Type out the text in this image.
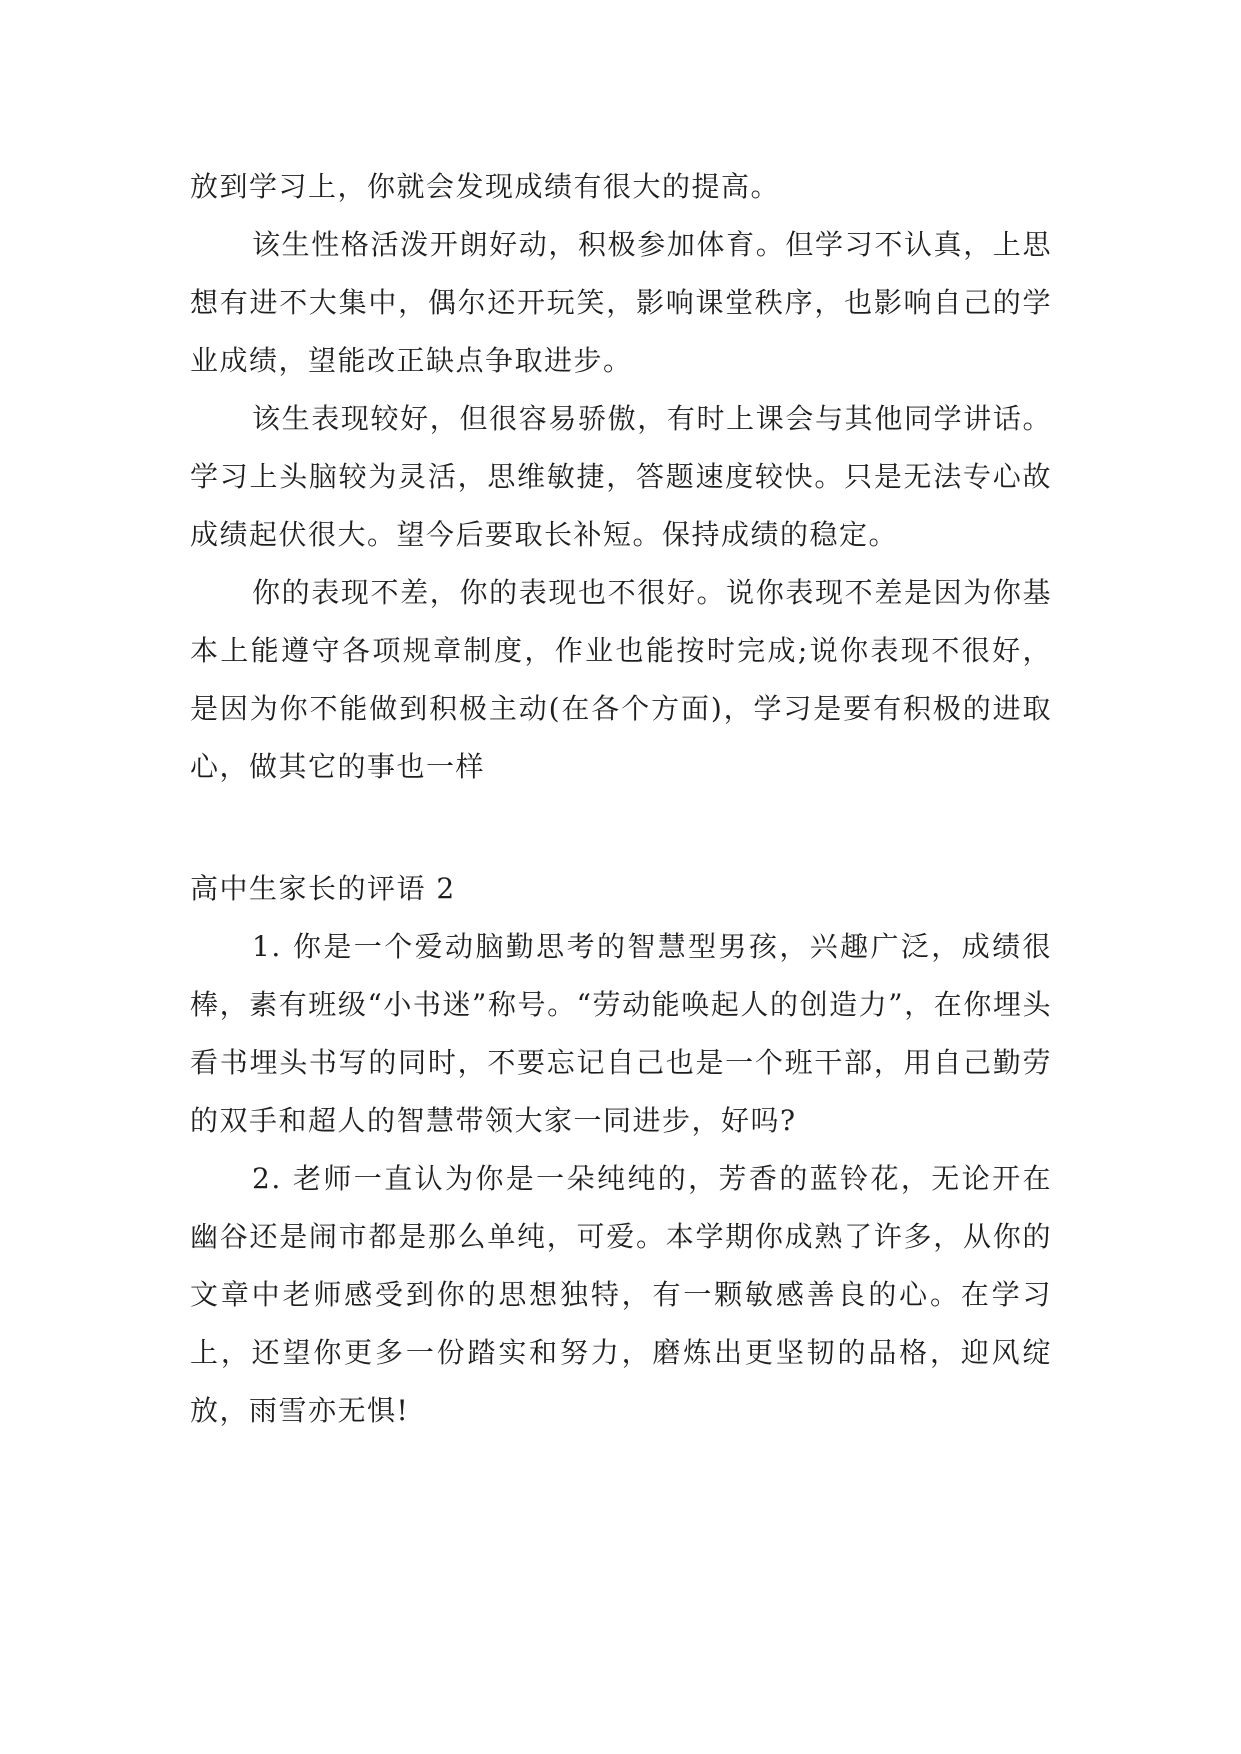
放到学习上，你就会发现成绩有很大的提高。

该生性格活泼开朗好动，积极参加体育。但学习不认真，上思想有进不大集中，偶尔还开玩笑，影响课堂秩序，也影响自己的学业成绩，望能改正缺点争取进步。

该生表现较好，但很容易骄傲，有时上课会与其他同学讲话。学习上头脑较为灵活，思维敏捷，答题速度较快。只是无法专心故成绩起伏很大。望今后要取长补短。保持成绩的稳定。

你的表现不差，你的表现也不很好。说你表现不差是因为你基本上能遵守各项规章制度，作业也能按时完成;说你表现不很好，是因为你不能做到积极主动(在各个方面)，学习是要有积极的进取心，做其它的事也一样

高中生家长的评语 2

1. 你是一个爱动脑勤思考的智慧型男孩，兴趣广泛，成绩很棒，素有班级“小书迷”称号。“劳动能唤起人的创造力”，在你埋头看书埋头书写的同时，不要忘记自己也是一个班干部，用自己勤劳的双手和超人的智慧带领大家一同进步，好吗?

2. 老师一直认为你是一朵纯纯的，芳香的蓝铃花，无论开在幽谷还是闹市都是那么单纯，可爱。本学期你成熟了许多，从你的文章中老师感受到你的思想独特，有一颗敏感善良的心。在学习上，还望你更多一份踏实和努力，磨炼出更坚韧的品格，迎风绽放，雨雪亦无惧!
